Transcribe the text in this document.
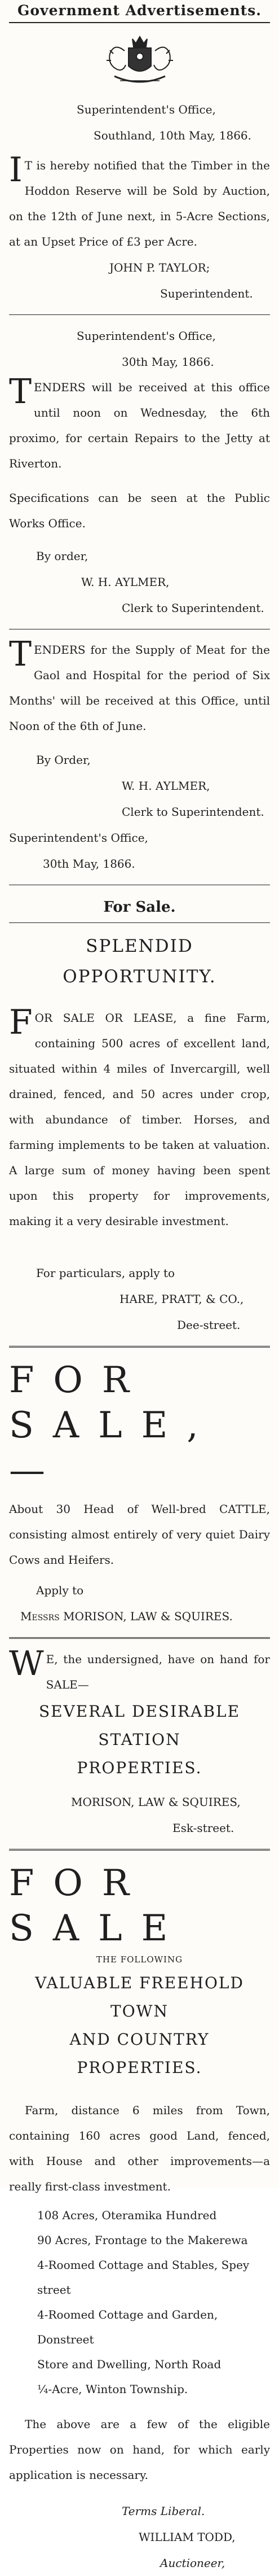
Government Advertisements.
Superintendent's Office,
Southland, 10th May, 1866.

I T is hereby notified that the Timber in the Hoddon Reserve will be Sold by Auction, on the 12th of June next, in 5-Acre Sections, at an Upset Price of £3 per Acre.

JOHN P. TAYLOR;
Superintendent.
Superintendent's Office,
30th May, 1866.

TENDERS will be received at this office until noon on Wednesday, the 6th proximo, for certain Repairs to the Jetty at Riverton.

Specifications can be seen at the Public Works Office.

By order,
W. H. AYLMER,
Clerk to Superintendent.

TENDERS for the Supply of Meat for the Gaol and Hospital for the period of Six Months' will be received at this Office, until Noon of the 6th of June.

By Order,
W. H. AYLMER,
Clerk to Superintendent.
Superintendent's Office,
30th May, 1866.
For Sale.
SPLENDID OPPORTUNITY.

FOR SALE OR LEASE, a fine Farm, containing 500 acres of excellent land, situated within 4 miles of Invercargill, well drained, fenced, and 50 acres under crop, with abundance of timber. Horses, and farming implements to be taken at valuation. A large sum of money having been spent upon this property for improvements, making it a very desirable investment.

For particulars, apply to
HARE, PRATT, & CO.,
Dee-street.
FOR SALE,—

About 30 Head of Well-bred CATTLE, consisting almost entirely of very quiet Dairy Cows and Heifers.

Apply to
Messrs MORISON, LAW & SQUIRES.

W E, the undersigned, have on hand for SALE—

SEVERAL DESIRABLE STATION
PROPERTIES.
MORISON, LAW & SQUIRES,
Esk-street.
FOR SALE
THE FOLLOWING
VALUABLE FREEHOLD TOWN
AND COUNTRY PROPERTIES.

Farm, distance 6 miles from Town, containing 160 acres good Land, fenced, with House and other improvements—a really first-class investment.

108 Acres, Oteramika Hundred
90 Acres, Frontage to the Makerewa
4-Roomed Cottage and Stables, Spey street
4-Roomed Cottage and Garden, Donstreet
Store and Dwelling, North Road
¼-Acre, Winton Township.

The above are a few of the eligible Properties now on hand, for which early application is necessary.

Terms Liberal.
WILLIAM TODD,
Auctioneer,
